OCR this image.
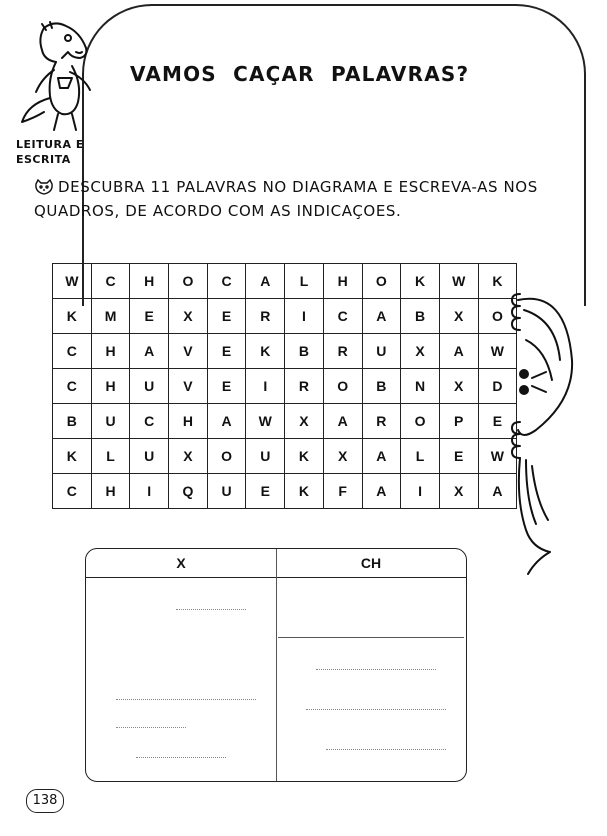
LEITURA E
ESCRITA
VAMOS CAÇAR PALAVRAS?
DESCUBRA 11 PALAVRAS NO DIAGRAMA E ESCREVA-AS NOS
QUADROS, DE ACORDO COM AS INDICAÇOES.
W	C	H	O	C	A	L	H	O	K	W	K
K	M	E	X	E	R	I	C	A	B	X	O
C	H	A	V	E	K	B	R	U	X	A	W
C	H	U	V	E	I	R	O	B	N	X	D
B	U	C	H	A	W	X	A	R	O	P	E
K	L	U	X	O	U	K	X	A	L	E	W
C	H	I	Q	U	E	K	F	A	I	X	A
X	CH
138
